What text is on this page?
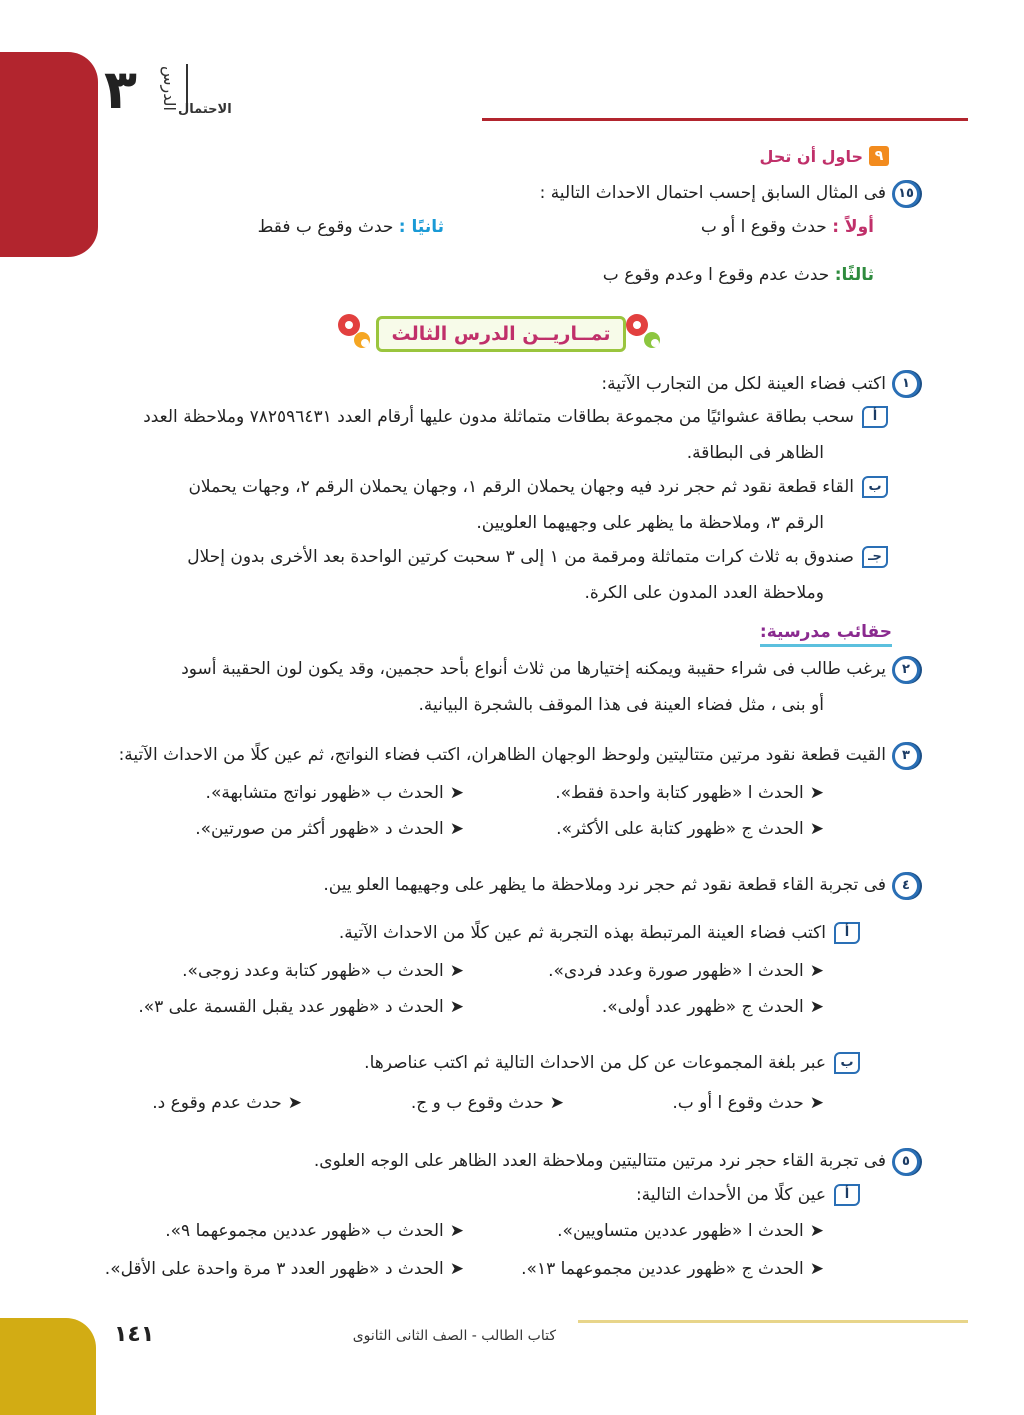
٣ الدرس الاحتمال
٩
حاول أن تحل
١٥
فى المثال السابق إحسب احتمال الاحداث التالية :
أولاً : حدث وقوع ا أو ب
ثانيًا : حدث وقوع ب فقط
ثالثًا: حدث عدم وقوع ا وعدم وقوع ب
تمــاريــن الدرس الثالث
١
اكتب فضاء العينة لكل من التجارب الآتية:
أ
سحب بطاقة عشوائيًا من مجموعة بطاقات متماثلة مدون عليها أرقام العدد ٧٨٢٥٩٦٤٣١ وملاحظة العدد
الظاهر فى البطاقة.
ب
القاء قطعة نقود ثم حجر نرد فيه وجهان يحملان الرقم ١، وجهان يحملان الرقم ٢، وجهات يحملان
الرقم ٣، وملاحظة ما يظهر على وجهيهما العلويين.
جـ
صندوق به ثلاث كرات متماثلة ومرقمة من ١ إلى ٣ سحبت كرتين الواحدة بعد الأخرى بدون إحلال
وملاحظة العدد المدون على الكرة.
حقائب مدرسية:
٢
يرغب طالب فى شراء حقيبة ويمكنه إختيارها من ثلاث أنواع بأحد حجمين، وقد يكون لون الحقيبة أسود
أو بنى ، مثل فضاء العينة فى هذا الموقف بالشجرة البيانية.
٣
القيت قطعة نقود مرتين متتاليتين ولوحظ الوجهان الظاهران، اكتب فضاء النواتج، ثم عين كلًا من الاحداث الآتية:
➤الحدث ا «ظهور كتابة واحدة فقط».
➤الحدث ب «ظهور نواتج متشابهة».
➤الحدث ج «ظهور كتابة على الأكثر».
➤الحدث د «ظهور أكثر من صورتين».
٤
فى تجربة القاء قطعة نقود ثم حجر نرد وملاحظة ما يظهر على وجهيهما العلو يين.
أ
اكتب فضاء العينة المرتبطة بهذه التجربة ثم عين كلًا من الاحداث الآتية.
➤الحدث ا «ظهور صورة وعدد فردى».
➤الحدث ب «ظهور كتابة وعدد زوجى».
➤الحدث ج «ظهور عدد أولى».
➤الحدث د «ظهور عدد يقبل القسمة على ٣».
ب
عبر بلغة المجموعات عن كل من الاحداث التالية ثم اكتب عناصرها.
➤حدث وقوع ا أو ب.
➤حدث وقوع ب و ج.
➤حدث عدم وقوع د.
٥
فى تجربة القاء حجر نرد مرتين متتاليتين وملاحظة العدد الظاهر على الوجه العلوى.
أ
عين كلًا من الأحداث التالية:
➤الحدث ا «ظهور عددين متساويين».
➤الحدث ب «ظهور عددين مجموعهما ٩».
➤الحدث ج «ظهور عددين مجموعهما ١٣».
➤الحدث د «ظهور العدد ٣ مرة واحدة على الأقل».
كتاب الطالب - الصف الثانى الثانوى
١٤١
